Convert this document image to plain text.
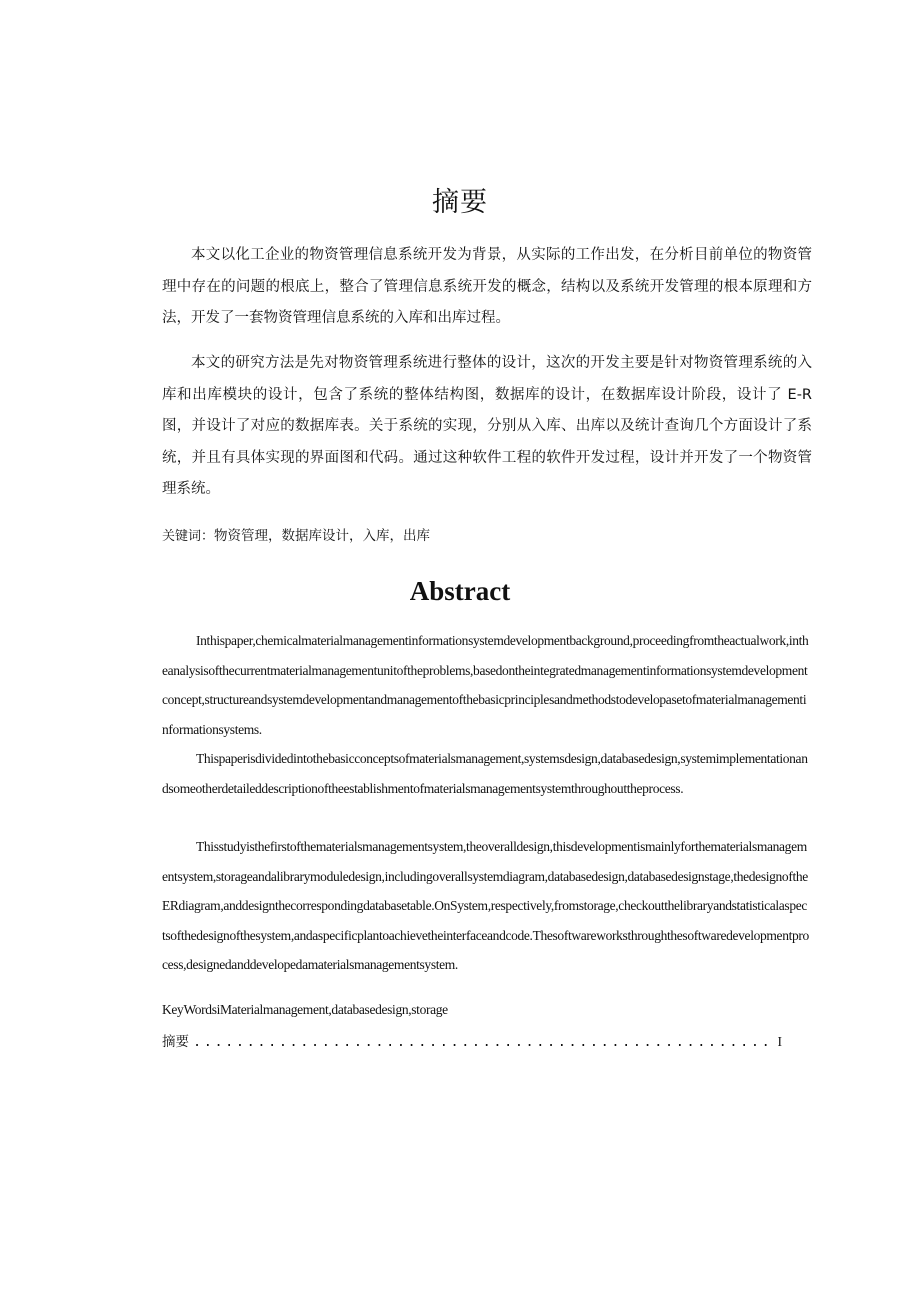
摘要

本文以化工企业的物资管理信息系统开发为背景，从实际的工作出发，在分析目前单位的物资管理中存在的问题的根底上，整合了管理信息系统开发的概念，结构以及系统开发管理的根本原理和方法，开发了一套物资管理信息系统的入库和出库过程。

本文的研究方法是先对物资管理系统进行整体的设计，这次的开发主要是针对物资管理系统的入库和出库模块的设计，包含了系统的整体结构图，数据库的设计，在数据库设计阶段，设计了 E-R 图，并设计了对应的数据库表。关于系统的实现，分别从入库、出库以及统计查询几个方面设计了系统，并且有具体实现的界面图和代码。通过这种软件工程的软件开发过程，设计并开发了一个物资管理系统。

关键词：物资管理，数据库设计，入库，出库
Abstract

Inthispaper,chemicalmaterialmanagementinformationsystemdevelopmentbackground,proceedingfromtheactualwork,intheanalysisofthecurrentmaterialmanagementunitoftheproblems,basedontheintegratedmanagementinformationsystemdevelopmentconcept,structureandsystemdevelopmentandmanagementofthebasicprinciplesandmethodstodevelopasetofmaterialmanagementinformationsystems.

Thispaperisdividedintothebasicconceptsofmaterialsmanagement,systemsdesign,databasedesign,systemimplementationandsomeotherdetaileddescriptionoftheestablishmentofmaterialsmanagementsystemthroughouttheprocess.

Thisstudyisthefirstofthematerialsmanagementsystem,theoveralldesign,thisdevelopmentismainlyforthematerialsmanagementsystem,storageandalibrarymoduledesign,includingoverallsystemdiagram,databasedesign,databasedesignstage,thedesignoftheERdiagram,anddesignthecorrespondingdatabasetable.OnSystem,respectively,fromstorage,checkoutthelibraryandstatisticalaspectsofthedesignofthesystem,andaspecificplantoachievetheinterfaceandcode.Thesoftwareworksthroughthesoftwaredevelopmentprocess,designedanddevelopedamaterialsmanagementsystem.

KeyWordsiMaterialmanagement,databasedesign,storage
摘要
.....	I
